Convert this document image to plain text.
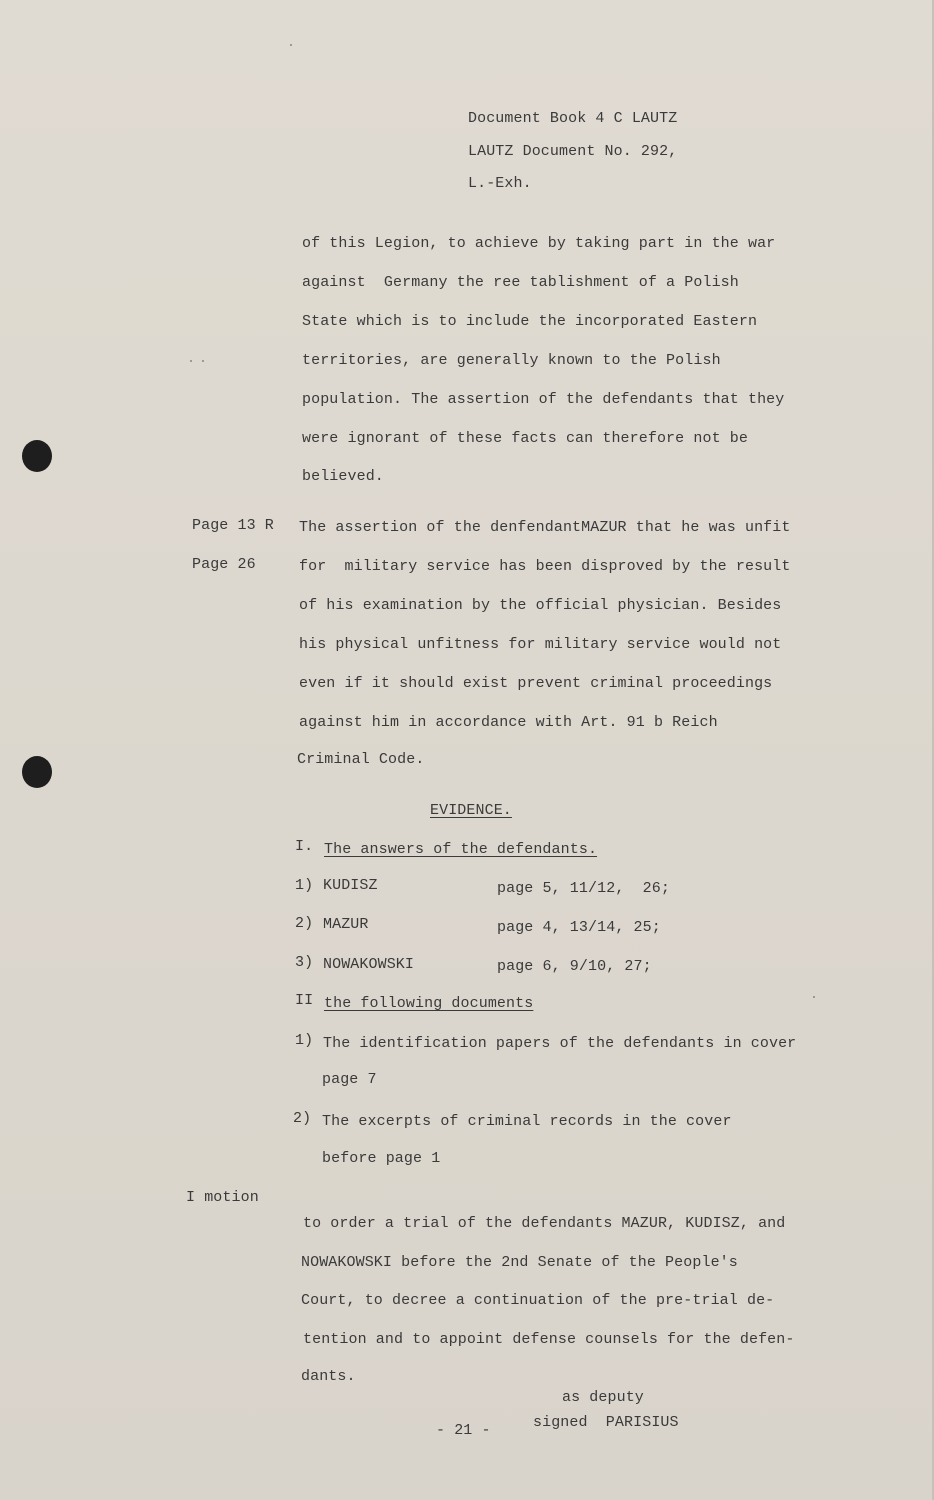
Document Book 4 C LAUTZ
LAUTZ Document No. 292,
L.-Exh.
of this Legion, to achieve by taking part in the war
against  Germany the ree tablishment of a Polish
State which is to include the incorporated Eastern
territories, are generally known to the Polish
population. The assertion of the defendants that they
were ignorant of these facts can therefore not be
believed.
Page 13 R
Page 26
The assertion of the denfendantMAZUR that he was unfit
for  military service has been disproved by the result
of his examination by the official physician. Besides
his physical unfitness for military service would not
even if it should exist prevent criminal proceedings
against him in accordance with Art. 91 b Reich
Criminal Code.
EVIDENCE.
I. The answers of the defendants.
1) KUDISZ	page 5, 11/12,  26;
2) MAZUR	page 4, 13/14, 25;
3) NOWAKOWSKI	page 6, 9/10, 27;
II the following documents
1) The identification papers of the defendants in cover
page 7
2) The excerpts of criminal records in the cover
before page 1
I motion
to order a trial of the defendants MAZUR, KUDISZ, and
NOWAKOWSKI before the 2nd Senate of the People's
Court, to decree a continuation of the pre-trial de-
tention and to appoint defense counsels for the defen-
dants.
as deputy
signed  PARISIUS
- 21 -
